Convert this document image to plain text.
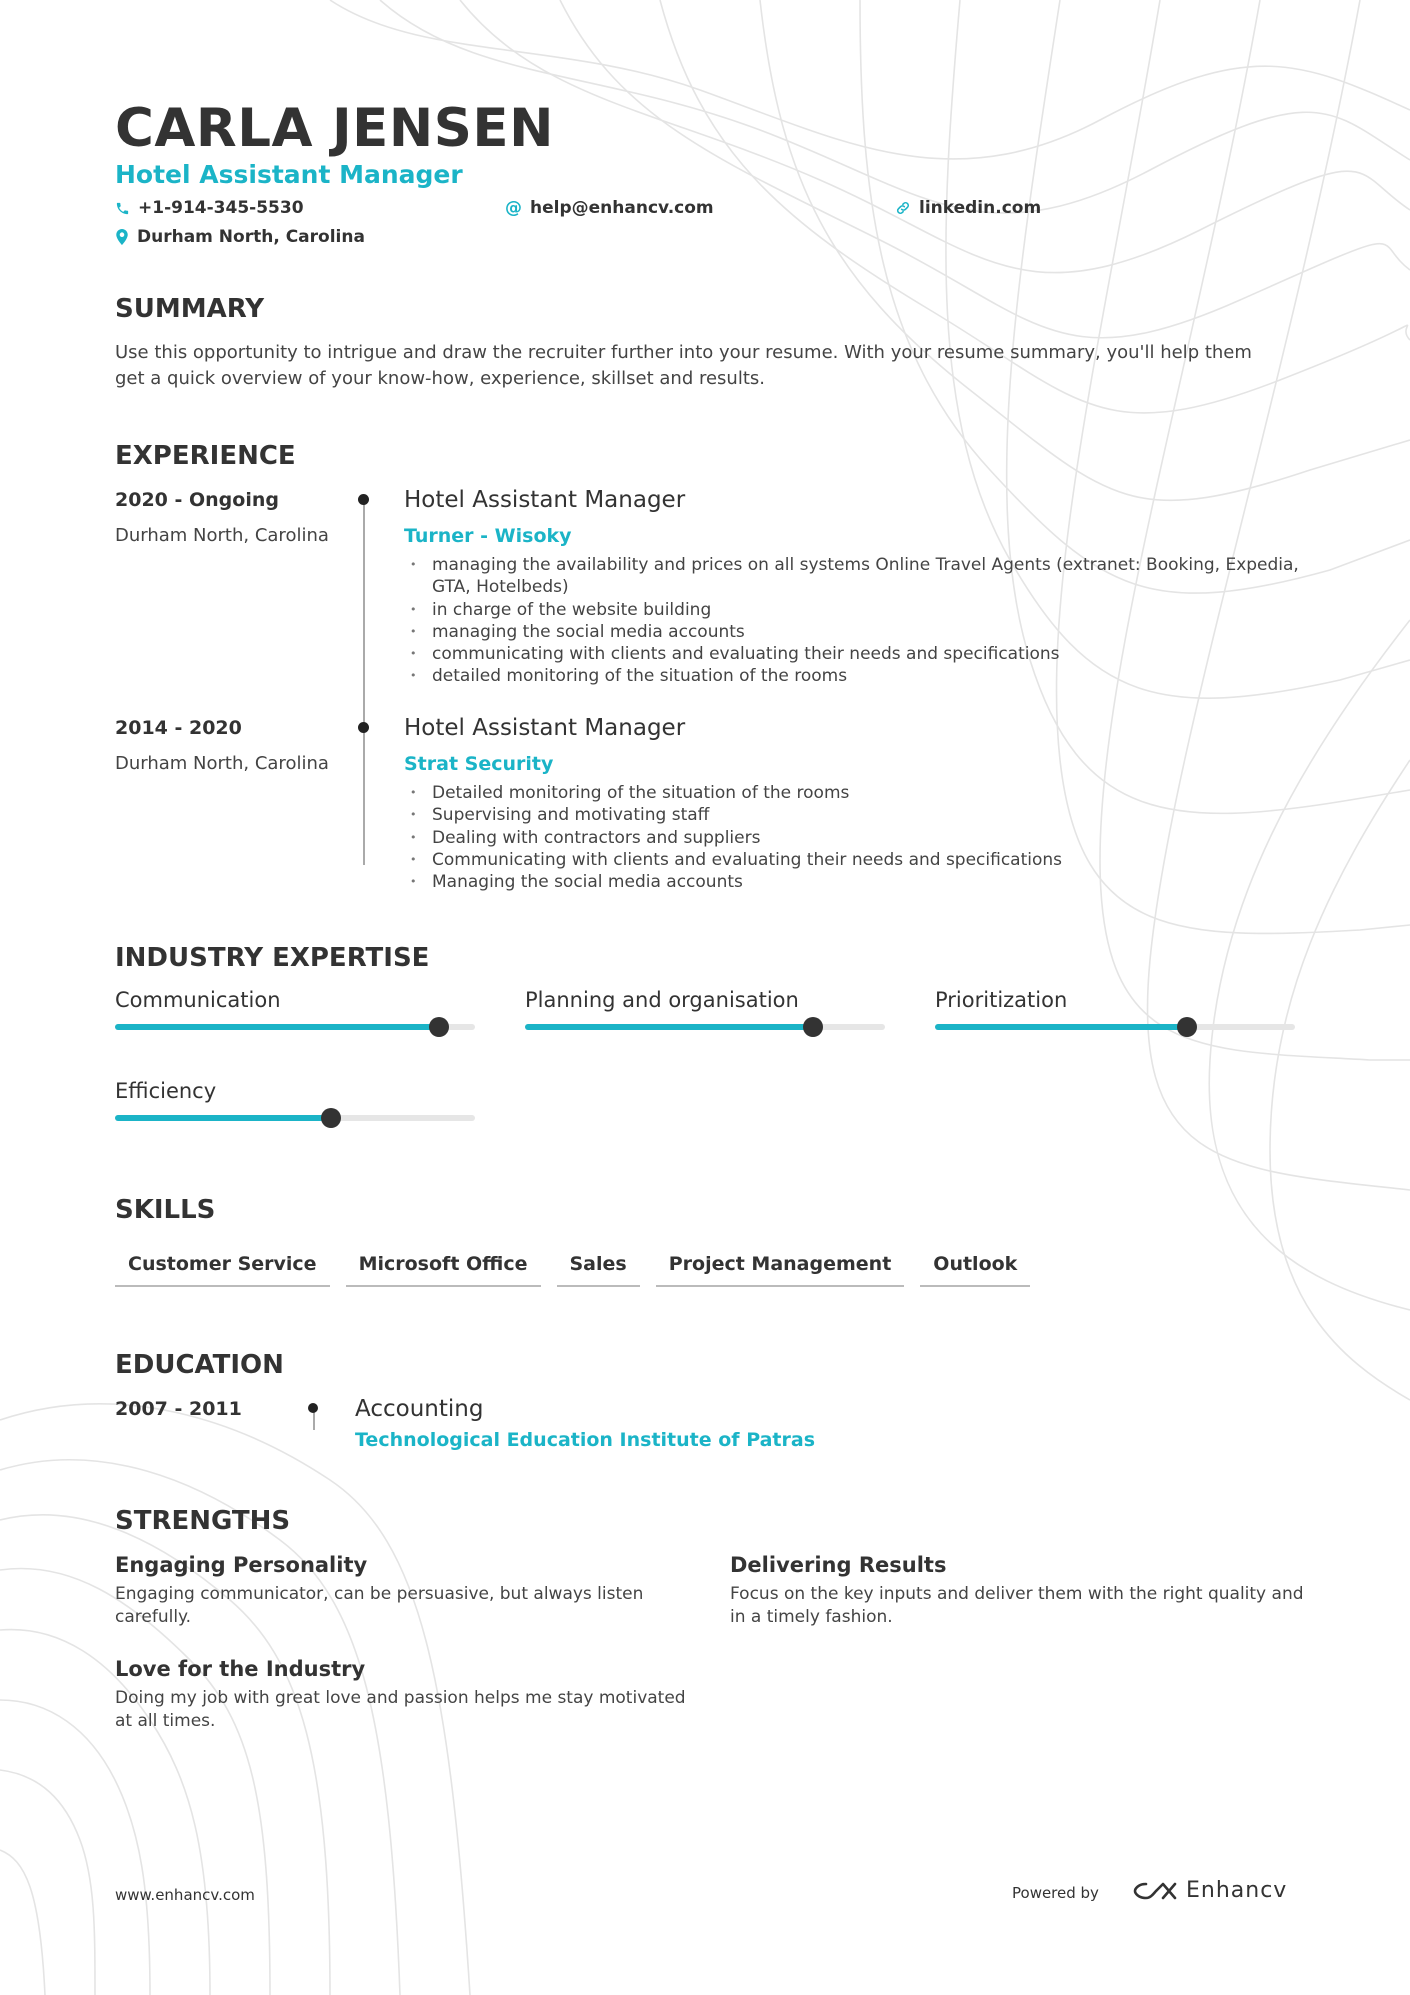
CARLA JENSEN
Hotel Assistant Manager
+1-914-345-5530	@ help@enhancv.com	linkedin.com
Durham North, Carolina
SUMMARY
Use this opportunity to intrigue and draw the recruiter further into your resume. With your resume summary, you'll help them get a quick overview of your know-how, experience, skillset and results.
EXPERIENCE
2020 - Ongoing
Durham North, Carolina
Hotel Assistant Manager
Turner - Wisoky
• managing the availability and prices on all systems Online Travel Agents (extranet: Booking, Expedia, GTA, Hotelbeds)
• in charge of the website building
• managing the social media accounts
• communicating with clients and evaluating their needs and specifications
• detailed monitoring of the situation of the rooms
2014 - 2020
Durham North, Carolina
Hotel Assistant Manager
Strat Security
• Detailed monitoring of the situation of the rooms
• Supervising and motivating staff
• Dealing with contractors and suppliers
• Communicating with clients and evaluating their needs and specifications
• Managing the social media accounts
INDUSTRY EXPERTISE
Communication	Planning and organisation	Prioritization
Efficiency
SKILLS
Customer Service	Microsoft Office	Sales	Project Management	Outlook
EDUCATION
2007 - 2011	Accounting
Technological Education Institute of Patras
STRENGTHS
Engaging Personality
Engaging communicator, can be persuasive, but always listen carefully.
Delivering Results
Focus on the key inputs and deliver them with the right quality and in a timely fashion.
Love for the Industry
Doing my job with great love and passion helps me stay motivated at all times.
www.enhancv.com	Powered by	Enhancv
